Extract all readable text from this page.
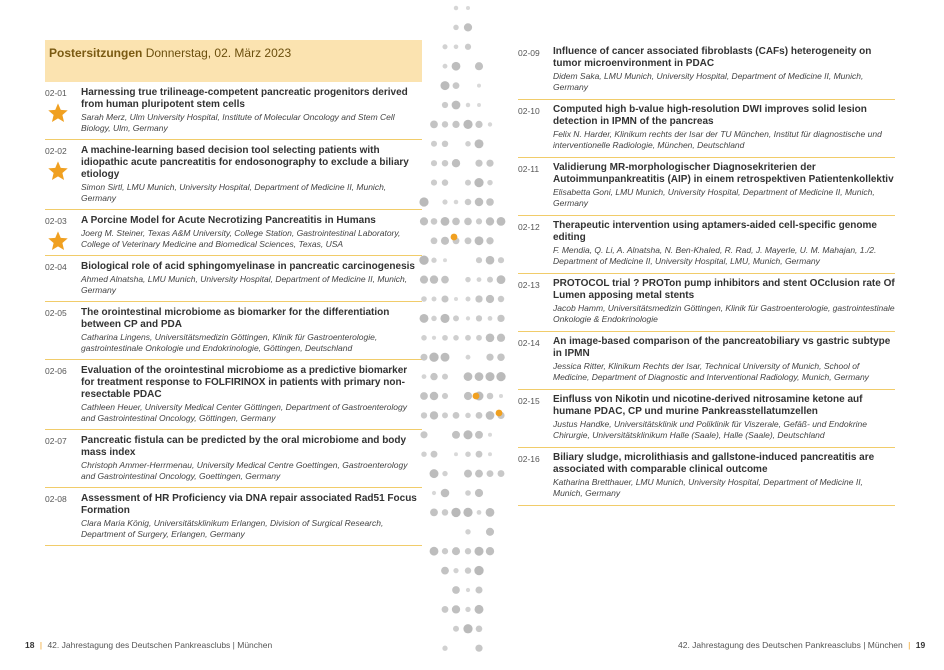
Postersitzungen Donnerstag, 02. März 2023
02-01 Harnessing true trilineage-competent pancreatic progenitors derived from human pluripotent stem cells
Sarah Merz, Ulm University Hospital, Institute of Molecular Oncology and Stem Cell Biology, Ulm, Germany
02-02 A machine-learning based decision tool selecting patients with idiopathic acute pancreatitis for endosonography to exclude a biliary etiology
Simon Sirtl, LMU Munich, University Hospital, Department of Medicine II, Munich, Germany
02-03 A Porcine Model for Acute Necrotizing Pancreatitis in Humans
Joerg M. Steiner, Texas A&M University, College Station, Gastrointestinal Laboratory, College of Veterinary Medicine and Biomedical Sciences, Texas, USA
02-04 Biological role of acid sphingomyelinase in pancreatic carcinogenesis
Ahmed Alnatsha, LMU Munich, University Hospital, Department of Medicine II, Munich, Germany
02-05 The orointestinal microbiome as biomarker for the differentiation between CP and PDA
Catharina Lingens, Universitätsmedizin Göttingen, Klinik für Gastroenterologie, gastrointestinale Onkologie und Endokrinologie, Göttingen, Deutschland
02-06 Evaluation of the orointestinal microbiome as a predictive biomarker for treatment response to FOLFIRINOX in patients with primary non-resectable PDAC
Cathleen Heuer, University Medical Center Göttingen, Department of Gastroenterology and Gastrointestinal Oncology, Göttingen, Germany
02-07 Pancreatic fistula can be predicted by the oral microbiome and body mass index
Christoph Ammer-Herrmenau, University Medical Centre Goettingen, Gastroenterology and Gastrointestinal Oncology, Goettingen, Germany
02-08 Assessment of HR Proficiency via DNA repair associated Rad51 Focus Formation
Clara Maria König, Universitätsklinikum Erlangen, Division of Surgical Research, Department of Surgery, Erlangen, Germany
18 | 42. Jahrestagung des Deutschen Pankreasclubs | München
02-09 Influence of cancer associated fibroblasts (CAFs) heterogeneity on tumor microenvironment in PDAC
Didem Saka, LMU Munich, University Hospital, Department of Medicine II, Munich, Germany
02-10 Computed high b-value high-resolution DWI improves solid lesion detection in IPMN of the pancreas
Felix N. Harder, Klinikum rechts der Isar der TU München, Institut für diagnostische und interventionelle Radiologie, München, Deutschland
02-11 Validierung MR-morphologischer Diagnosekriterien der Autoimmunpankreatitis (AIP) in einem retrospektiven Patientenkollektiv
Elisabetta Goni, LMU Munich, University Hospital, Department of Medicine II, Munich, Germany
02-12 Therapeutic intervention using aptamers-aided cell-specific genome editing
F. Mendia, Q. Li, A. Alnatsha, N. Ben-Khaled, R. Rad, J. Mayerle, U. M. Mahajan, 1./2. Department of Medicine II, University Hospital, LMU, Munich, Germany
02-13 PROTOCOL trial ? PROTon pump inhibitors and stent OCclusion rate Of Lumen apposing metal stents
Jacob Hamm, Universitätsmedizin Göttingen, Klinik für Gastroenterologie, gastrointestinale Onkologie & Endokrinologie
02-14 An image-based comparison of the pancreatobiliary vs gastric subtype in IPMN
Jessica Ritter, Klinikum Rechts der Isar, Technical University of Munich, School of Medicine, Department of Diagnostic and Interventional Radiology, Munich, Germany
02-15 Einfluss von Nikotin und nicotine-derived nitrosamine ketone auf humane PDAC, CP und murine Pankreasstellatumzellen
Justus Handke, Universitätsklinik und Poliklinik für Viszerale, Gefäß- und Endokrine Chirurgie, Universitätsklinikum Halle (Saale), Halle (Saale), Deutschland
02-16 Biliary sludge, microlithiasis and gallstone-induced pancreatitis are associated with comparable clinical outcome
Katharina Bretthauer, LMU Munich, University Hospital, Department of Medicine II, Munich, Germany
42. Jahrestagung des Deutschen Pankreasclubs | München | 19
